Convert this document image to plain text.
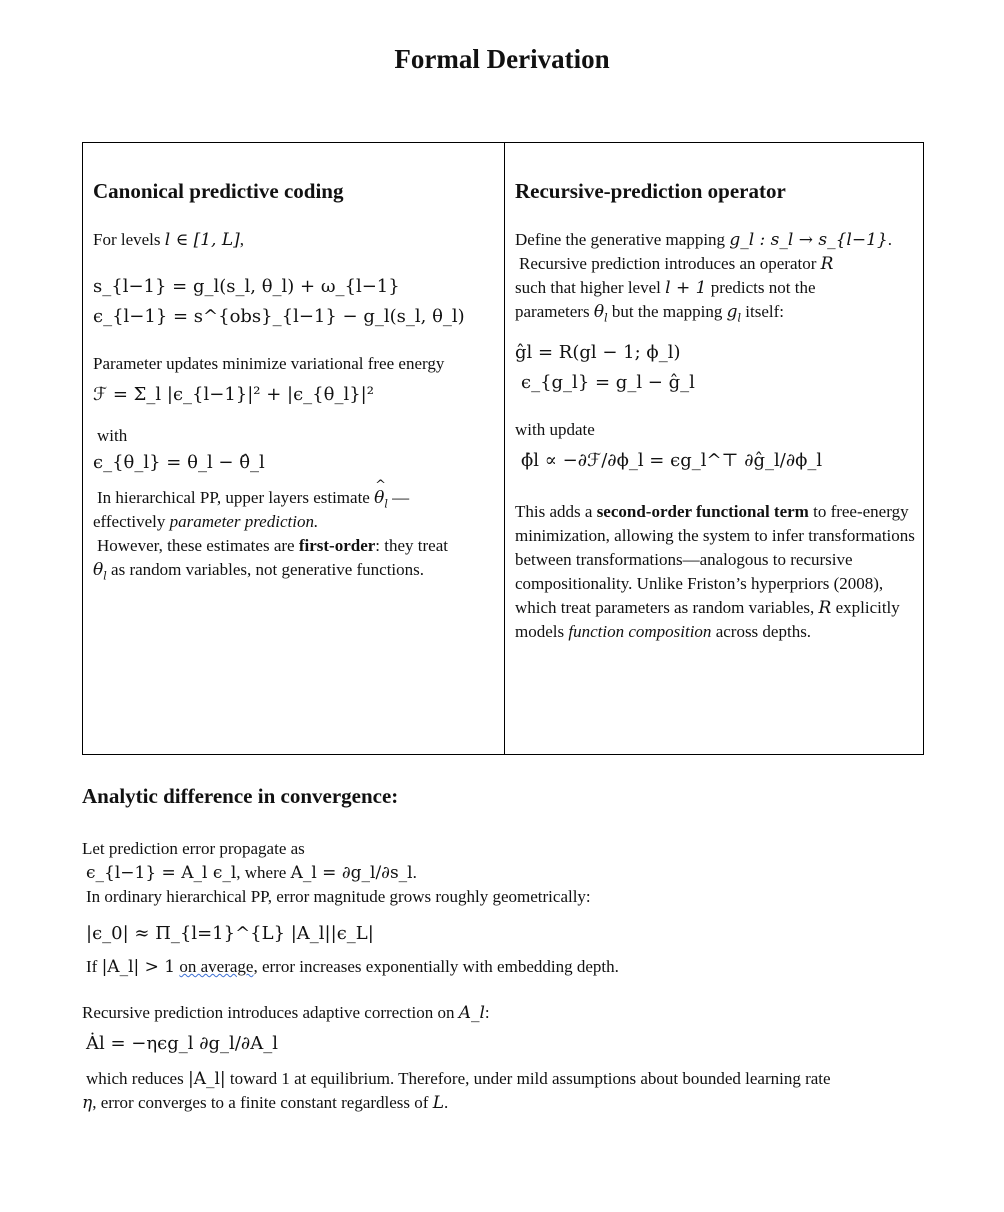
Formal Derivation
Canonical predictive coding

For levels l ∈ [1, L],

s_{l−1} = g_l(s_l, θ_l) + ω_{l−1}

ϵ_{l−1} = s^{obs}_{l−1} − g_l(s_l, θ_l)

Parameter updates minimize variational free energy

ℱ = Σ_l |ϵ_{l−1}|² + |ϵ_{θ_l}|²

with

ϵ_{θ_l} = θ_l − θ̂_l

In hierarchical PP, upper layers estimate ^ $\theta_l$ —

effectively parameter prediction.

However, these estimates are first-order: they treat

$\theta_l$ as random variables, not generative functions.

Recursive-prediction operator

Define the generative mapping g_l : s_l → s_{l−1}.

Recursive prediction introduces an operator R

such that higher level l + 1 predicts not the

parameters $\theta_l$ but the mapping $g_l$ itself:

ĝl = R(gl − 1; ϕ_l)

ϵ_{g_l} = g_l − ĝ_l

with update

ϕ̇l ∝ −∂ℱ/∂ϕ_l = ϵg_l^⊤ ∂ĝ_l/∂ϕ_l

This adds a second-order functional term to free-energy minimization, allowing the system to infer transformations between transformations—analogous to recursive compositionality. Unlike Friston’s hyperpriors (2008), which treat parameters as random variables, R explicitly models function composition across depths.

Analytic difference in convergence:

Let prediction error propagate as

ϵ_{l−1} = A_l ϵ_l, where A_l = ∂g_l/∂s_l.

In ordinary hierarchical PP, error magnitude grows roughly geometrically:

|ϵ_0| ≈ Π_{l=1}^{L} |A_l||ϵ_L|

If |A_l| > 1 on average, error increases exponentially with embedding depth.

Recursive prediction introduces adaptive correction on A_l:

Ȧl = −ηϵg_l ∂g_l/∂A_l

which reduces |A_l| toward 1 at equilibrium. Therefore, under mild assumptions about bounded learning rate

η, error converges to a finite constant regardless of L.
